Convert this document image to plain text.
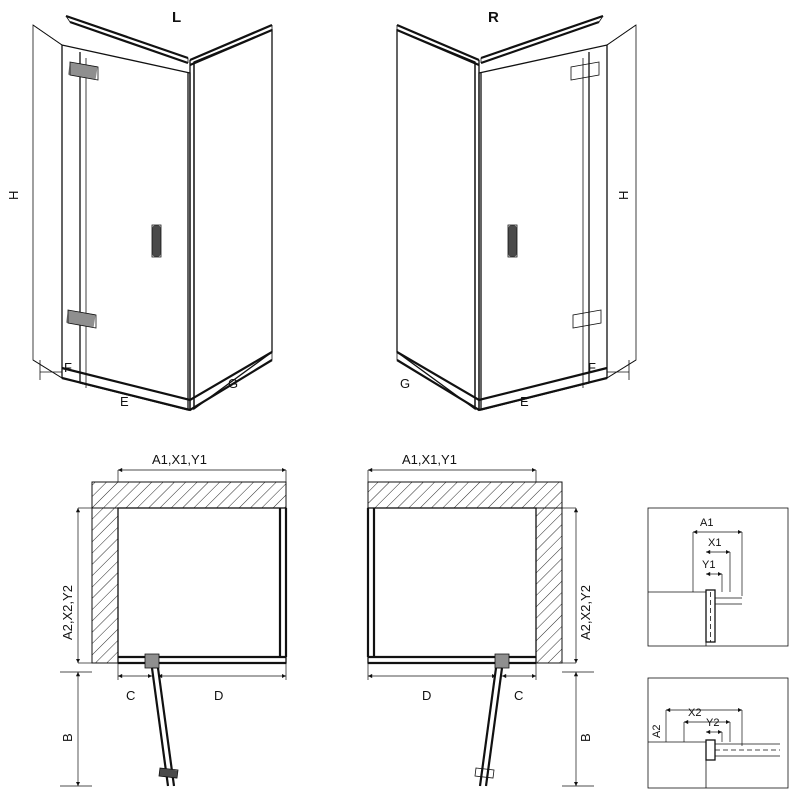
L
H
F
E
G
R
H
F
E
G
A1,X1,Y1
A2,X2,Y2
B
C	D
A1,X1,Y1
A2,X2,Y2
B
D	C
A1
X1
Y1
A2
X2
Y2
